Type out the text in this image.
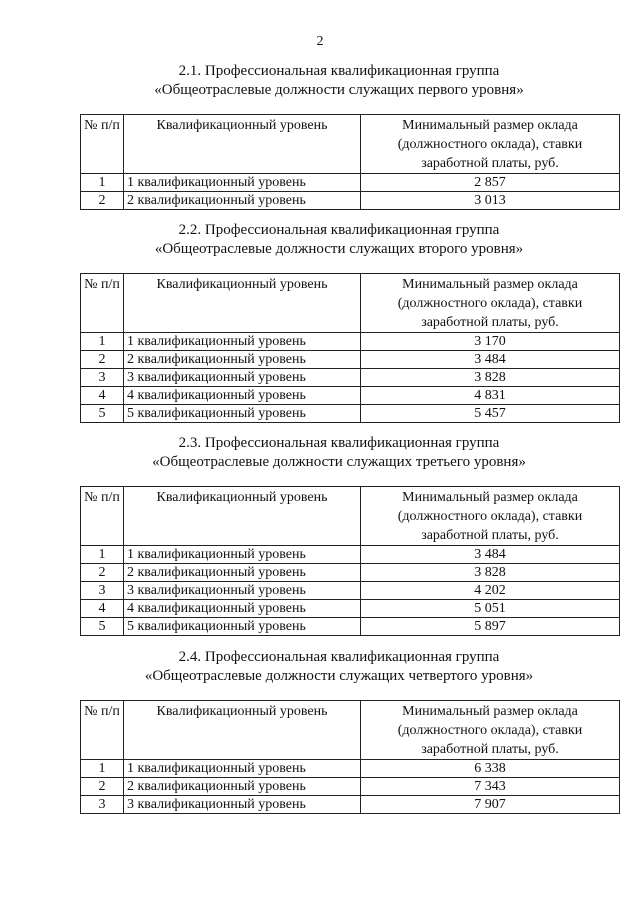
2
2.1. Профессиональная квалификационная группа
«Общеотраслевые должности служащих первого уровня»
№ п/п	Квалификационный уровень	Минимальный размер оклада (должностного оклада), ставки заработной платы, руб.
1	1 квалификационный уровень	2 857
2	2 квалификационный уровень	3 013
2.2. Профессиональная квалификационная группа
«Общеотраслевые должности служащих второго уровня»
№ п/п	Квалификационный уровень	Минимальный размер оклада (должностного оклада), ставки заработной платы, руб.
1	1 квалификационный уровень	3 170
2	2 квалификационный уровень	3 484
3	3 квалификационный уровень	3 828
4	4 квалификационный уровень	4 831
5	5 квалификационный уровень	5 457
2.3. Профессиональная квалификационная группа
«Общеотраслевые должности служащих третьего уровня»
№ п/п	Квалификационный уровень	Минимальный размер оклада (должностного оклада), ставки заработной платы, руб.
1	1 квалификационный уровень	3 484
2	2 квалификационный уровень	3 828
3	3 квалификационный уровень	4 202
4	4 квалификационный уровень	5 051
5	5 квалификационный уровень	5 897
2.4. Профессиональная квалификационная группа
«Общеотраслевые должности служащих четвертого уровня»
№ п/п	Квалификационный уровень	Минимальный размер оклада (должностного оклада), ставки заработной платы, руб.
1	1 квалификационный уровень	6 338
2	2 квалификационный уровень	7 343
3	3 квалификационный уровень	7 907
